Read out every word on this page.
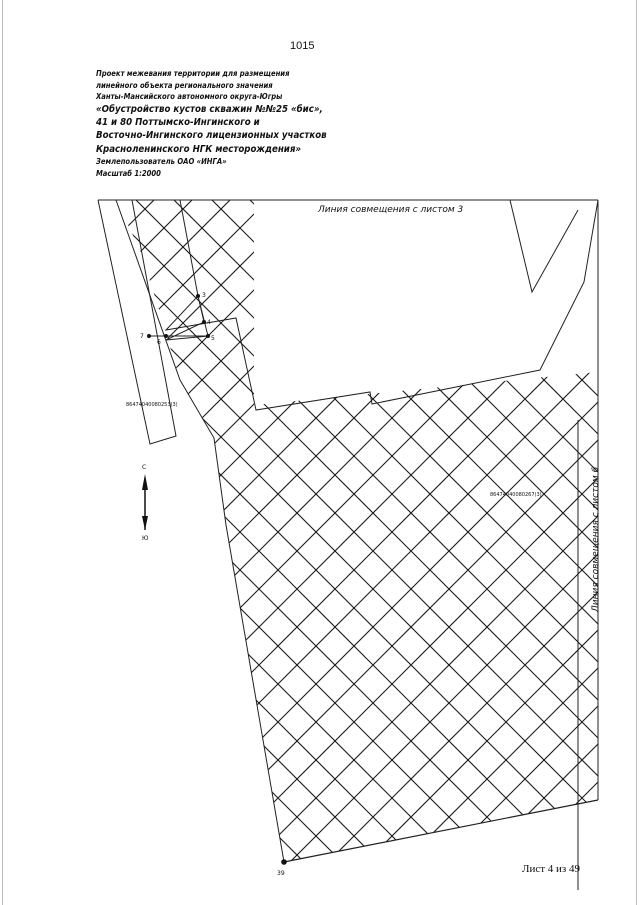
1015
Проект межевания территории для размещения
линейного объекта регионального значения
Ханты-Мансийского автономного округа-Югры
«Обустройство кустов скважин №№25 «бис»,
41 и 80 Поттымско-Ингинского и
Восточно-Ингинского лицензионных участков
Красноленинского НГК месторождения»
Землепользователь ОАО «ИНГА»
Масштаб 1:2000
3
4
5
6
7
39
86474040080253(3)
86474040080267(3)
Линия совмещения с листом 3
Линия совмещения с листом 6
С
Ю
Лист 4 из 49
